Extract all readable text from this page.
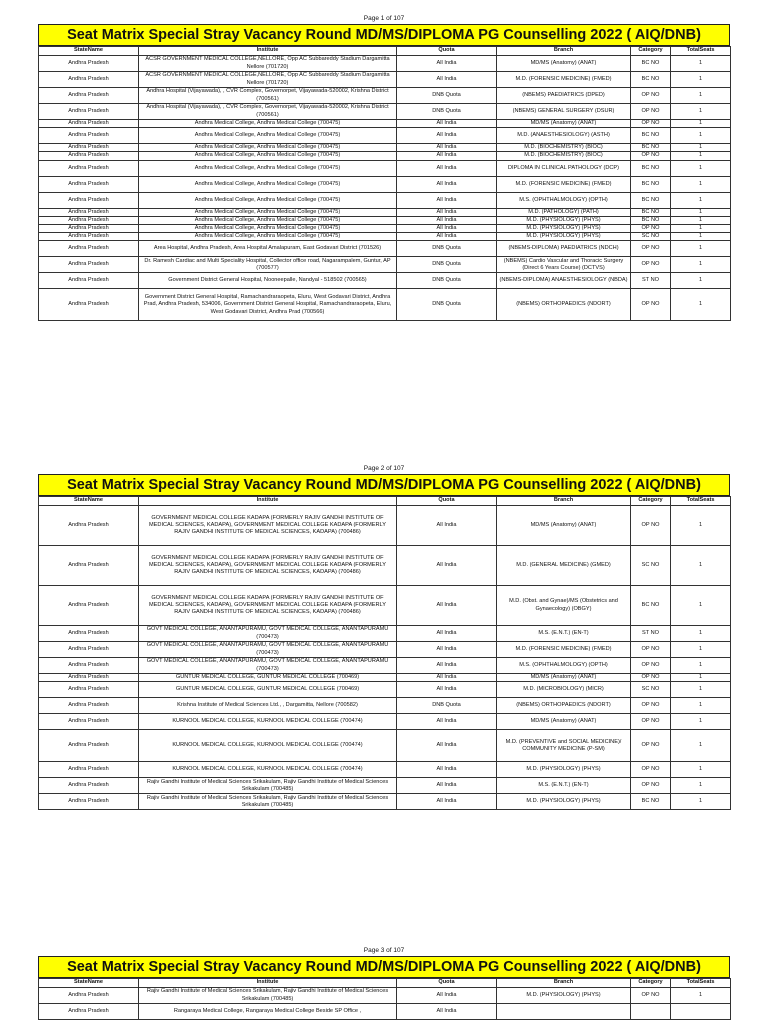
Page 1 of 107
Seat Matrix Special Stray Vacancy Round MD/MS/DIPLOMA PG Counselling 2022 ( AIQ/DNB)
StateName	Institute	Quota	Branch	Category	TotalSeats
Andhra Pradesh	ACSR GOVERNMENT MEDICAL COLLEGE,NELLORE, Opp AC Subbareddy Stadium Dargamitta Nellore (701720)	All India	MD/MS (Anatomy) (ANAT)	BC NO	1
Andhra Pradesh	ACSR GOVERNMENT MEDICAL COLLEGE,NELLORE, Opp AC Subbareddy Stadium Dargamitta Nellore (701720)	All India	M.D. (FORENSIC MEDICINE) (FMED)	BC NO	1
Andhra Pradesh	Andhra Hospital (Vijayawada), , CVR Complex, Governorpet, Vijayawada-520002, Krishna District (700561)	DNB Quota	(NBEMS) PAEDIATRICS (DPED)	OP NO	1
Andhra Pradesh	Andhra Hospital (Vijayawada), , CVR Complex, Governorpet, Vijayawada-520002, Krishna District (700561)	DNB Quota	(NBEMS) GENERAL SURGERY (DSUR)	OP NO	1
Andhra Pradesh	Andhra Medical College, Andhra Medical College (700475)	All India	MD/MS (Anatomy) (ANAT)	OP NO	1
Andhra Pradesh	Andhra Medical College, Andhra Medical College (700475)	All India	M.D. (ANAESTHESIOLOGY) (ASTH)	BC NO	1
Andhra Pradesh	Andhra Medical College, Andhra Medical College (700475)	All India	M.D. (BIOCHEMISTRY) (BIOC)	BC NO	1
Andhra Pradesh	Andhra Medical College, Andhra Medical College (700475)	All India	M.D. (BIOCHEMISTRY) (BIOC)	OP NO	1
Andhra Pradesh	Andhra Medical College, Andhra Medical College (700475)	All India	DIPLOMA IN CLINICAL PATHOLOGY (DCP)	BC NO	1
Andhra Pradesh	Andhra Medical College, Andhra Medical College (700475)	All India	M.D. (FORENSIC MEDICINE) (FMED)	BC NO	1
Andhra Pradesh	Andhra Medical College, Andhra Medical College (700475)	All India	M.S. (OPHTHALMOLOGY) (OPTH)	BC NO	1
Andhra Pradesh	Andhra Medical College, Andhra Medical College (700475)	All India	M.D. (PATHOLOGY) (PATH)	BC NO	1
Andhra Pradesh	Andhra Medical College, Andhra Medical College (700475)	All India	M.D. (PHYSIOLOGY) (PHYS)	BC NO	1
Andhra Pradesh	Andhra Medical College, Andhra Medical College (700475)	All India	M.D. (PHYSIOLOGY) (PHYS)	OP NO	1
Andhra Pradesh	Andhra Medical College, Andhra Medical College (700475)	All India	M.D. (PHYSIOLOGY) (PHYS)	SC NO	1
Andhra Pradesh	Area Hospital, Andhra Pradesh, Area Hospital Amalapuram, East Godavari District (701526)	DNB Quota	(NBEMS-DIPLOMA) PAEDIATRICS (NDCH)	OP NO	1
Andhra Pradesh	Dr. Ramesh Cardiac and Multi Speciality Hospital, Collector office road, Nagarampalem, Guntur, AP (700577)	DNB Quota	(NBEMS) Cardio Vascular and Thoracic Surgery (Direct 6 Years Course) (DCTVS)	OP NO	1
Andhra Pradesh	Government District General Hospital, Nooneepalle, Nandyal - 518502 (700565)	DNB Quota	(NBEMS-DIPLOMA) ANAESTHESIOLOGY (NBDA)	ST NO	1
Andhra Pradesh	Government District General Hospital, Ramachandraraopeta, Eluru, West Godavari District, Andhra Prad, Andhra Pradesh, 534006, Government District General Hospital, Ramachandraraopeta, Eluru, West Godavari District, Andhra Prad (700566)	DNB Quota	(NBEMS) ORTHOPAEDICS (NDORT)	OP NO	1
Page 2 of 107
Seat Matrix Special Stray Vacancy Round MD/MS/DIPLOMA PG Counselling 2022 ( AIQ/DNB)
StateName	Institute	Quota	Branch	Category	TotalSeats
Andhra Pradesh	GOVERNMENT MEDICAL COLLEGE KADAPA (FORMERLY RAJIV GANDHI INSTITUTE OF MEDICAL SCIENCES, KADAPA), GOVERNMENT MEDICAL COLLEGE KADAPA (FORMERLY RAJIV GANDHI INSTITUTE OF MEDICAL SCIENCES, KADAPA) (700486)	All India	MD/MS (Anatomy) (ANAT)	OP NO	1
Andhra Pradesh	GOVERNMENT MEDICAL COLLEGE KADAPA (FORMERLY RAJIV GANDHI INSTITUTE OF MEDICAL SCIENCES, KADAPA), GOVERNMENT MEDICAL COLLEGE KADAPA (FORMERLY RAJIV GANDHI INSTITUTE OF MEDICAL SCIENCES, KADAPA) (700486)	All India	M.D. (GENERAL MEDICINE) (GMED)	SC NO	1
Andhra Pradesh	GOVERNMENT MEDICAL COLLEGE KADAPA (FORMERLY RAJIV GANDHI INSTITUTE OF MEDICAL SCIENCES, KADAPA), GOVERNMENT MEDICAL COLLEGE KADAPA (FORMERLY RAJIV GANDHI INSTITUTE OF MEDICAL SCIENCES, KADAPA) (700486)	All India	M.D. (Obst. and Gynae)/MS (Obstetrics and Gynaecology) (OBGY)	BC NO	1
Andhra Pradesh	GOVT MEDICAL COLLEGE, ANANTAPURAMU, GOVT MEDICAL COLLEGE, ANANTAPURAMU (700473)	All India	M.S. (E.N.T.) (EN-T)	ST NO	1
Andhra Pradesh	GOVT MEDICAL COLLEGE, ANANTAPURAMU, GOVT MEDICAL COLLEGE, ANANTAPURAMU (700473)	All India	M.D. (FORENSIC MEDICINE) (FMED)	OP NO	1
Andhra Pradesh	GOVT MEDICAL COLLEGE, ANANTAPURAMU, GOVT MEDICAL COLLEGE, ANANTAPURAMU (700473)	All India	M.S. (OPHTHALMOLOGY) (OPTH)	OP NO	1
Andhra Pradesh	GUNTUR MEDICAL COLLEGE, GUNTUR MEDICAL COLLEGE (700469)	All India	MD/MS (Anatomy) (ANAT)	OP NO	1
Andhra Pradesh	GUNTUR MEDICAL COLLEGE, GUNTUR MEDICAL COLLEGE (700469)	All India	M.D. (MICROBIOLOGY) (MICR)	SC NO	1
Andhra Pradesh	Krishna Institute of Medical Sciences Ltd., , Dargamitta, Nellore (700582)	DNB Quota	(NBEMS) ORTHOPAEDICS (NDORT)	OP NO	1
Andhra Pradesh	KURNOOL MEDICAL COLLEGE, KURNOOL MEDICAL COLLEGE (700474)	All India	MD/MS (Anatomy) (ANAT)	OP NO	1
Andhra Pradesh	KURNOOL MEDICAL COLLEGE, KURNOOL MEDICAL COLLEGE (700474)	All India	M.D. (PREVENTIVE and SOCIAL MEDICINE)/ COMMUNITY MEDICINE (P-SM)	OP NO	1
Andhra Pradesh	KURNOOL MEDICAL COLLEGE, KURNOOL MEDICAL COLLEGE (700474)	All India	M.D. (PHYSIOLOGY) (PHYS)	OP NO	1
Andhra Pradesh	Rajiv Gandhi Institute of Medical Sciences Srikakulam, Rajiv Gandhi Institute of Medical Sciences Srikakulam (700485)	All India	M.S. (E.N.T.) (EN-T)	OP NO	1
Andhra Pradesh	Rajiv Gandhi Institute of Medical Sciences Srikakulam, Rajiv Gandhi Institute of Medical Sciences Srikakulam (700485)	All India	M.D. (PHYSIOLOGY) (PHYS)	BC NO	1
Page 3 of 107
Seat Matrix Special Stray Vacancy Round MD/MS/DIPLOMA PG Counselling 2022 ( AIQ/DNB)
StateName	Institute	Quota	Branch	Category	TotalSeats
Andhra Pradesh	Rajiv Gandhi Institute of Medical Sciences Srikakulam, Rajiv Gandhi Institute of Medical Sciences Srikakulam (700485)	All India	M.D. (PHYSIOLOGY) (PHYS)	OP NO	1
Andhra Pradesh	Rangaraya Medical College, Rangaraya Medical College Beside SP Office ,	All India			
